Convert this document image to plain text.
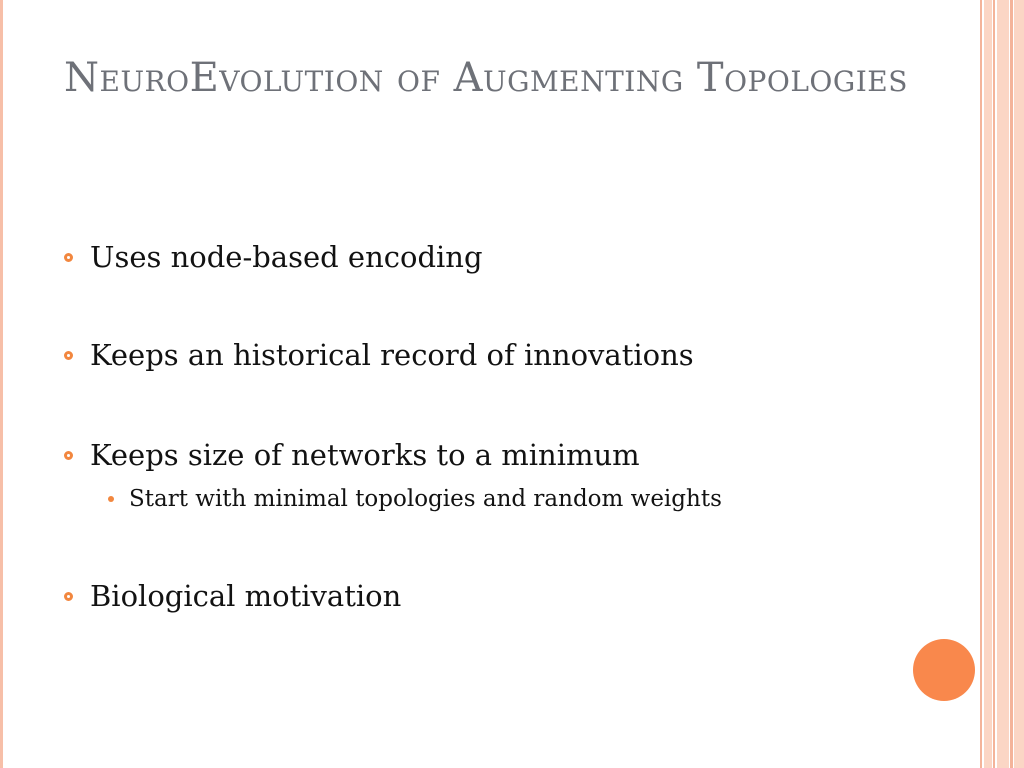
NeuroEvolution of Augmenting Topologies
Uses node-based encoding
Keeps an historical record of innovations
Keeps size of networks to a minimum
Start with minimal topologies and random weights
Biological motivation
